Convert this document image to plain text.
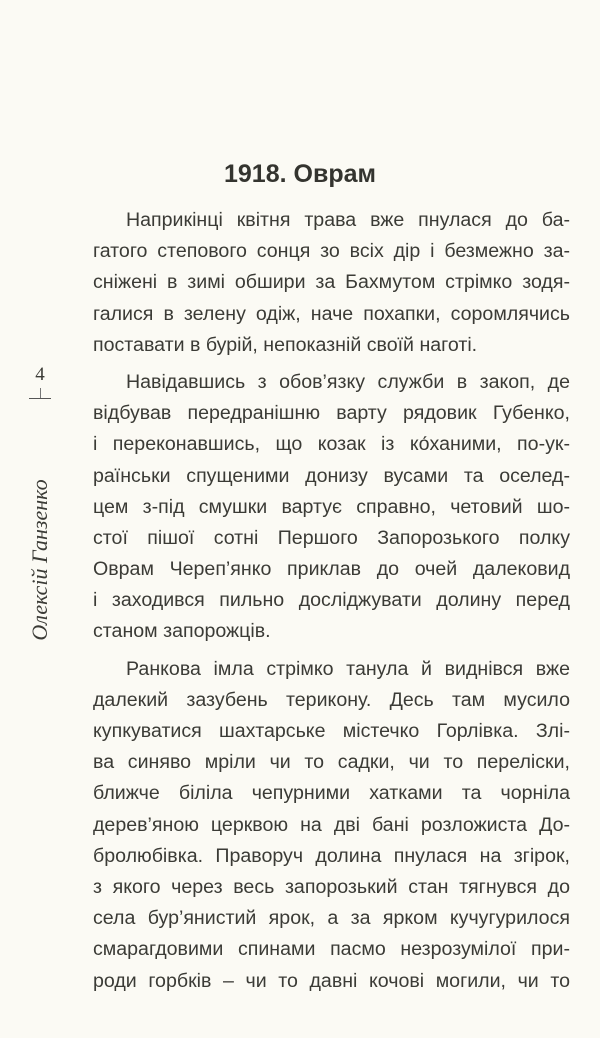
4
Олексій Ганзенко
1918. Оврам
Наприкінці квітня трава вже пнулася до ба-
гатого степового сонця зо всіх дір і безмежно за-
сніжені в зимі обшири за Бахмутом стрімко зодя-
галися в зелену одіж, наче похапки, соромлячись
поставати в бурій, непоказній своїй наготі.
Навідавшись з обов’язку служби в закоп, де
відбував передранішню варту рядовик Губенко,
і переконавшись, що козак із ко́ханими, по-ук-
раїнськи спущеними донизу вусами та оселед-
цем з-під смушки вартує справно, четовий шо-
стої пішої сотні Першого Запорозького полку
Оврам Череп’янко приклав до очей далековид
і заходився пильно досліджувати долину перед
станом запорожців.
Ранкова імла стрімко танула й виднівся вже
далекий зазубень терикону. Десь там мусило
купкуватися шахтарське містечко Горлівка. Злі-
ва синяво мріли чи то садки, чи то переліски,
ближче біліла чепурними хатками та чорніла
дерев’яною церквою на дві бані розложиста До-
бролюбівка. Праворуч долина пнулася на згірок,
з якого через весь запорозький стан тягнувся до
села бур’янистий ярок, а за ярком кучугурилося
смарагдовими спинами пасмо незрозумілої при-
роди горбків – чи то давні кочові могили, чи то
